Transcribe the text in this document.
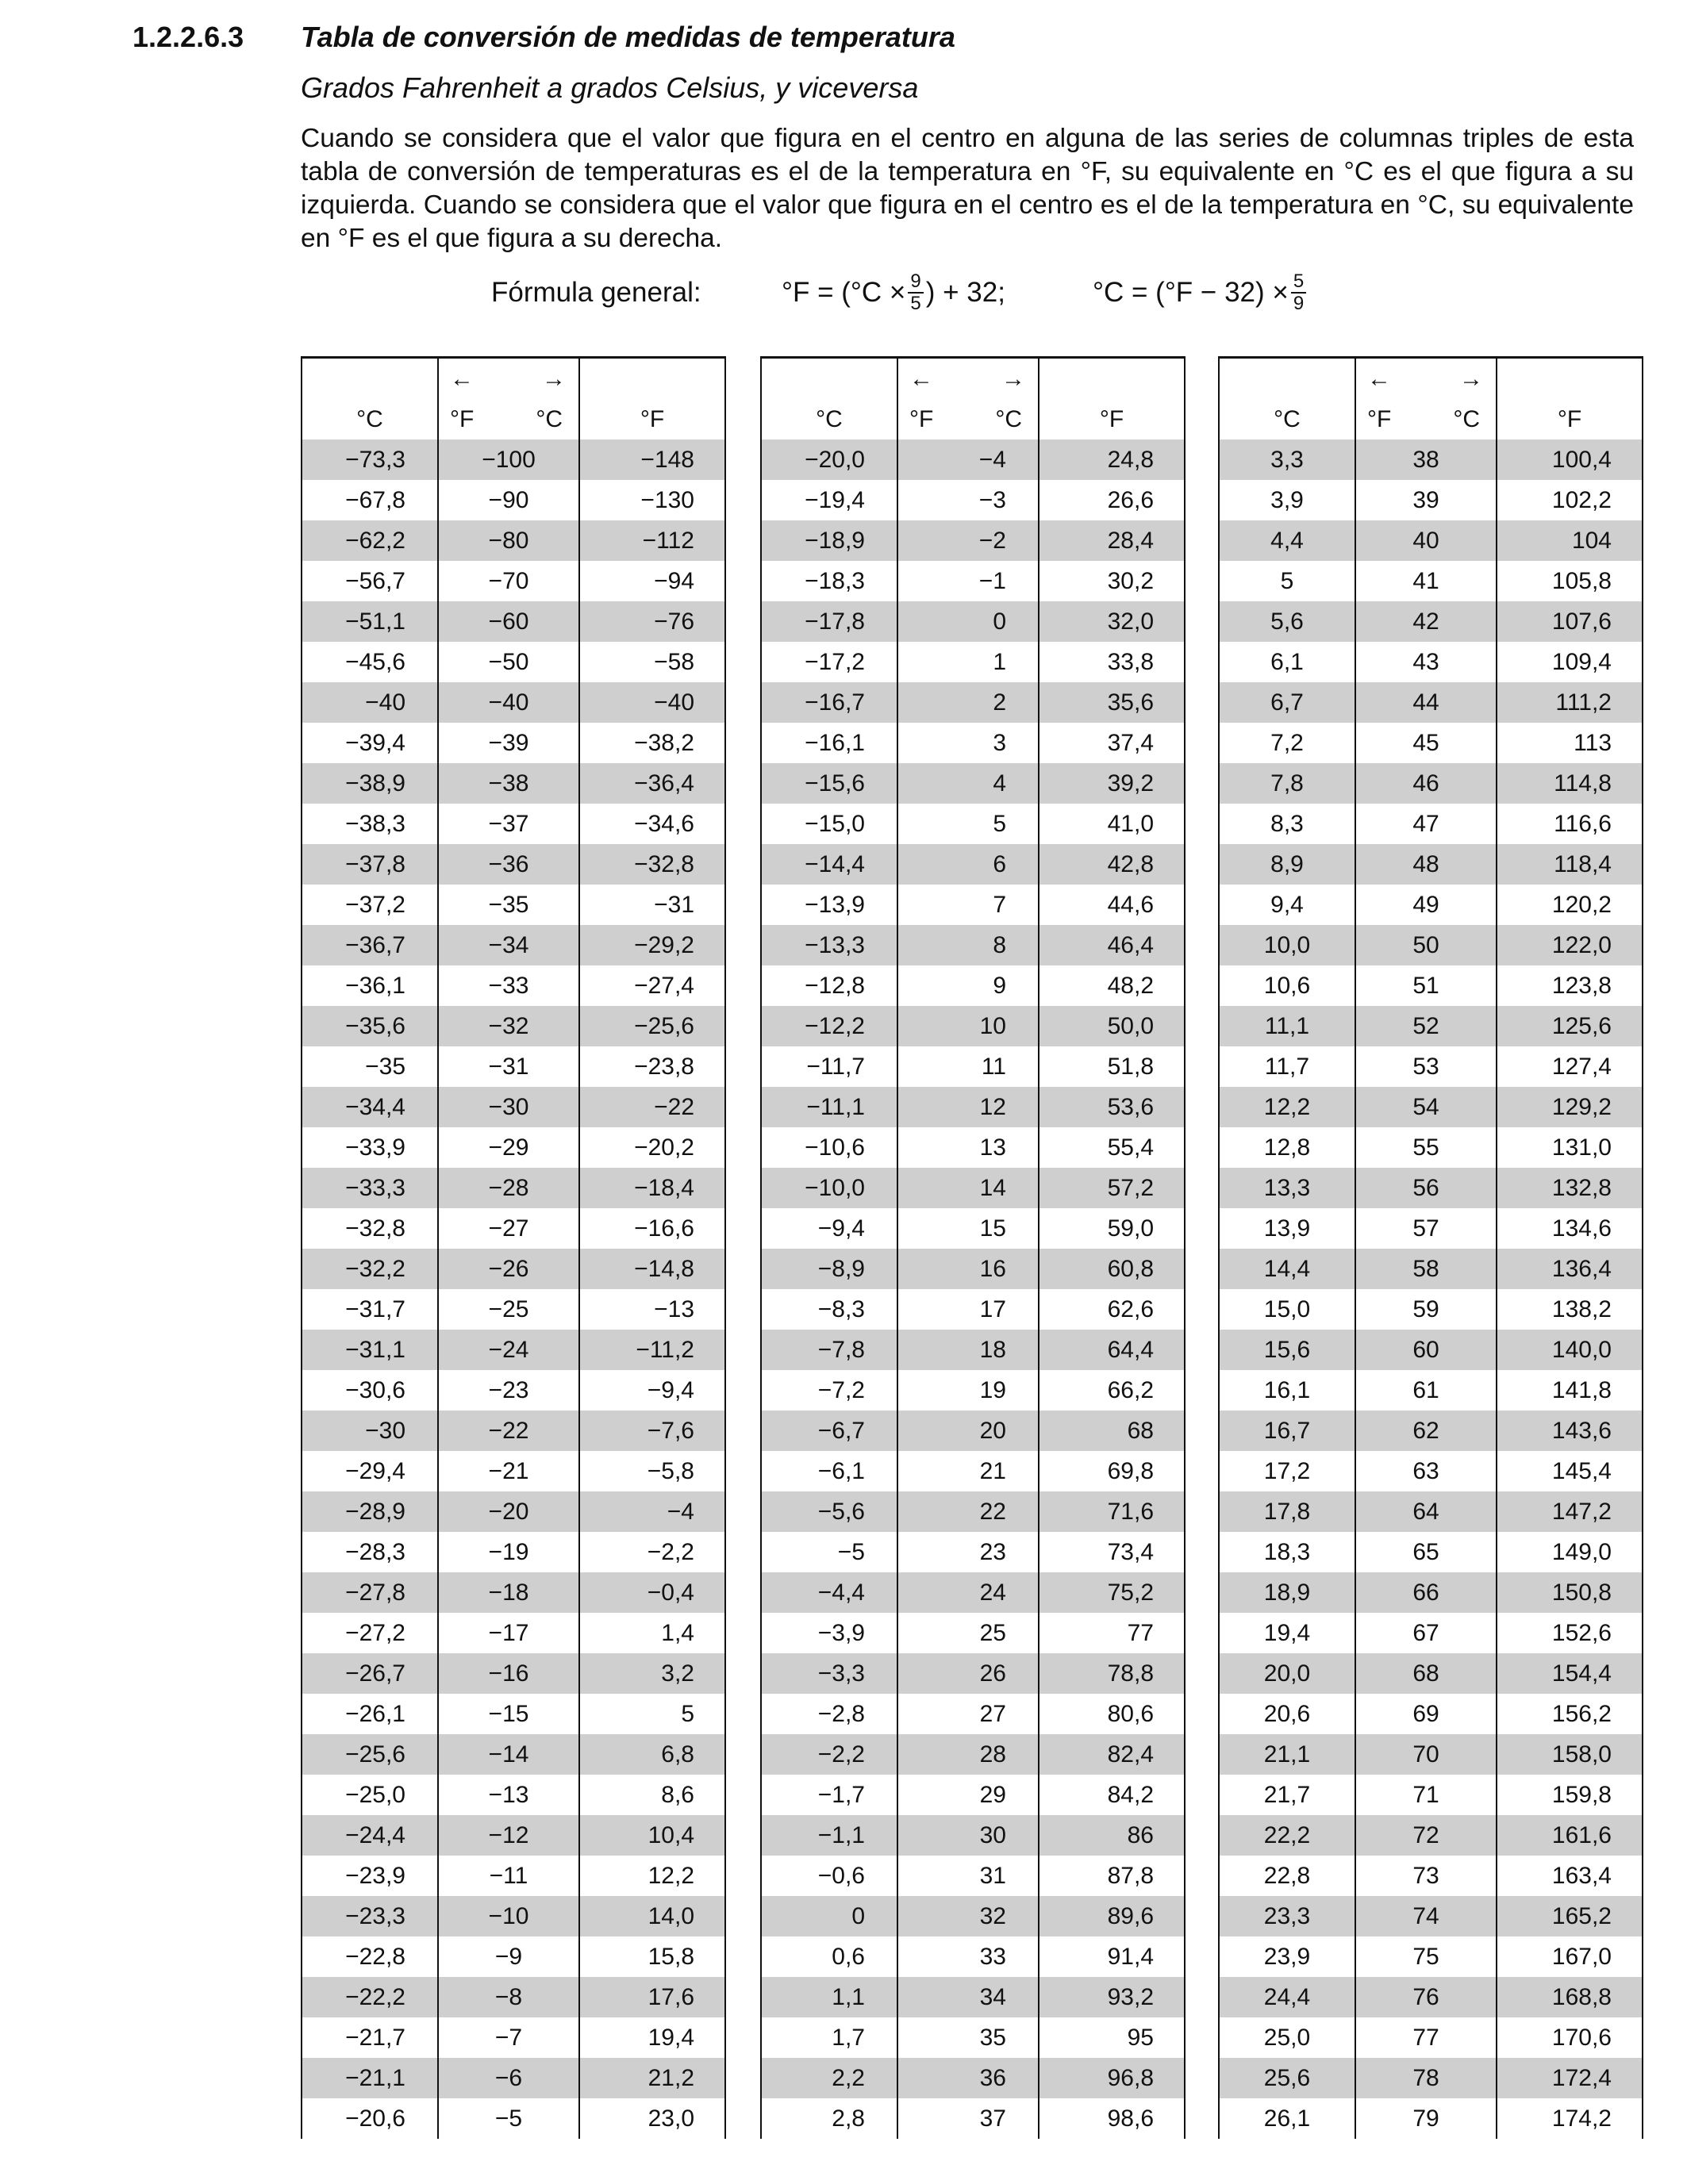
1.2.2.6.3 Tabla de conversión de medidas de temperatura
Grados Fahrenheit a grados Celsius, y viceversa
Cuando se considera que el valor que figura en el centro en alguna de las series de columnas triples de esta tabla de conversión de temperaturas es el de la temperatura en °F, su equivalente en °C es el que figura a su izquierda. Cuando se considera que el valor que figura en el centro es el de la temperatura en °C, su equivalente en °F es el que figura a su derecha.
Fórmula general:	$^\circ F = (^\circ C \times \frac{9}{5}$ ) + 32;	$^\circ C = (^\circ F - 32) \times \frac{5}{9}$

	← →	

°C	°F °C	°F
−73,3	−100	−148
−67,8	−90	−130
−62,2	−80	−112
−56,7	−70	−94
−51,1	−60	−76
−45,6	−50	−58
−40	−40	−40
−39,4	−39	−38,2
−38,9	−38	−36,4
−38,3	−37	−34,6
−37,8	−36	−32,8
−37,2	−35	−31
−36,7	−34	−29,2
−36,1	−33	−27,4
−35,6	−32	−25,6
−35	−31	−23,8
−34,4	−30	−22
−33,9	−29	−20,2
−33,3	−28	−18,4
−32,8	−27	−16,6
−32,2	−26	−14,8
−31,7	−25	−13
−31,1	−24	−11,2
−30,6	−23	−9,4
−30	−22	−7,6
−29,4	−21	−5,8
−28,9	−20	−4
−28,3	−19	−2,2
−27,8	−18	−0,4
−27,2	−17	1,4
−26,7	−16	3,2
−26,1	−15	5
−25,6	−14	6,8
−25,0	−13	8,6
−24,4	−12	10,4
−23,9	−11	12,2
−23,3	−10	14,0
−22,8	−9	15,8
−22,2	−8	17,6
−21,7	−7	19,4
−21,1	−6	21,2
−20,6	−5	23,0

	← →	

°C	°F °C	°F
−20,0	−4	24,8
−19,4	−3	26,6
−18,9	−2	28,4
−18,3	−1	30,2
−17,8	0	32,0
−17,2	1	33,8
−16,7	2	35,6
−16,1	3	37,4
−15,6	4	39,2
−15,0	5	41,0
−14,4	6	42,8
−13,9	7	44,6
−13,3	8	46,4
−12,8	9	48,2
−12,2	10	50,0
−11,7	11	51,8
−11,1	12	53,6
−10,6	13	55,4
−10,0	14	57,2
−9,4	15	59,0
−8,9	16	60,8
−8,3	17	62,6
−7,8	18	64,4
−7,2	19	66,2
−6,7	20	68
−6,1	21	69,8
−5,6	22	71,6
−5	23	73,4
−4,4	24	75,2
−3,9	25	77
−3,3	26	78,8
−2,8	27	80,6
−2,2	28	82,4
−1,7	29	84,2
−1,1	30	86
−0,6	31	87,8
0	32	89,6
0,6	33	91,4
1,1	34	93,2
1,7	35	95
2,2	36	96,8
2,8	37	98,6

	← →	

°C	°F °C	°F
3,3	38	100,4
3,9	39	102,2
4,4	40	104
5	41	105,8
5,6	42	107,6
6,1	43	109,4
6,7	44	111,2
7,2	45	113
7,8	46	114,8
8,3	47	116,6
8,9	48	118,4
9,4	49	120,2
10,0	50	122,0
10,6	51	123,8
11,1	52	125,6
11,7	53	127,4
12,2	54	129,2
12,8	55	131,0
13,3	56	132,8
13,9	57	134,6
14,4	58	136,4
15,0	59	138,2
15,6	60	140,0
16,1	61	141,8
16,7	62	143,6
17,2	63	145,4
17,8	64	147,2
18,3	65	149,0
18,9	66	150,8
19,4	67	152,6
20,0	68	154,4
20,6	69	156,2
21,1	70	158,0
21,7	71	159,8
22,2	72	161,6
22,8	73	163,4
23,3	74	165,2
23,9	75	167,0
24,4	76	168,8
25,0	77	170,6
25,6	78	172,4
26,1	79	174,2
